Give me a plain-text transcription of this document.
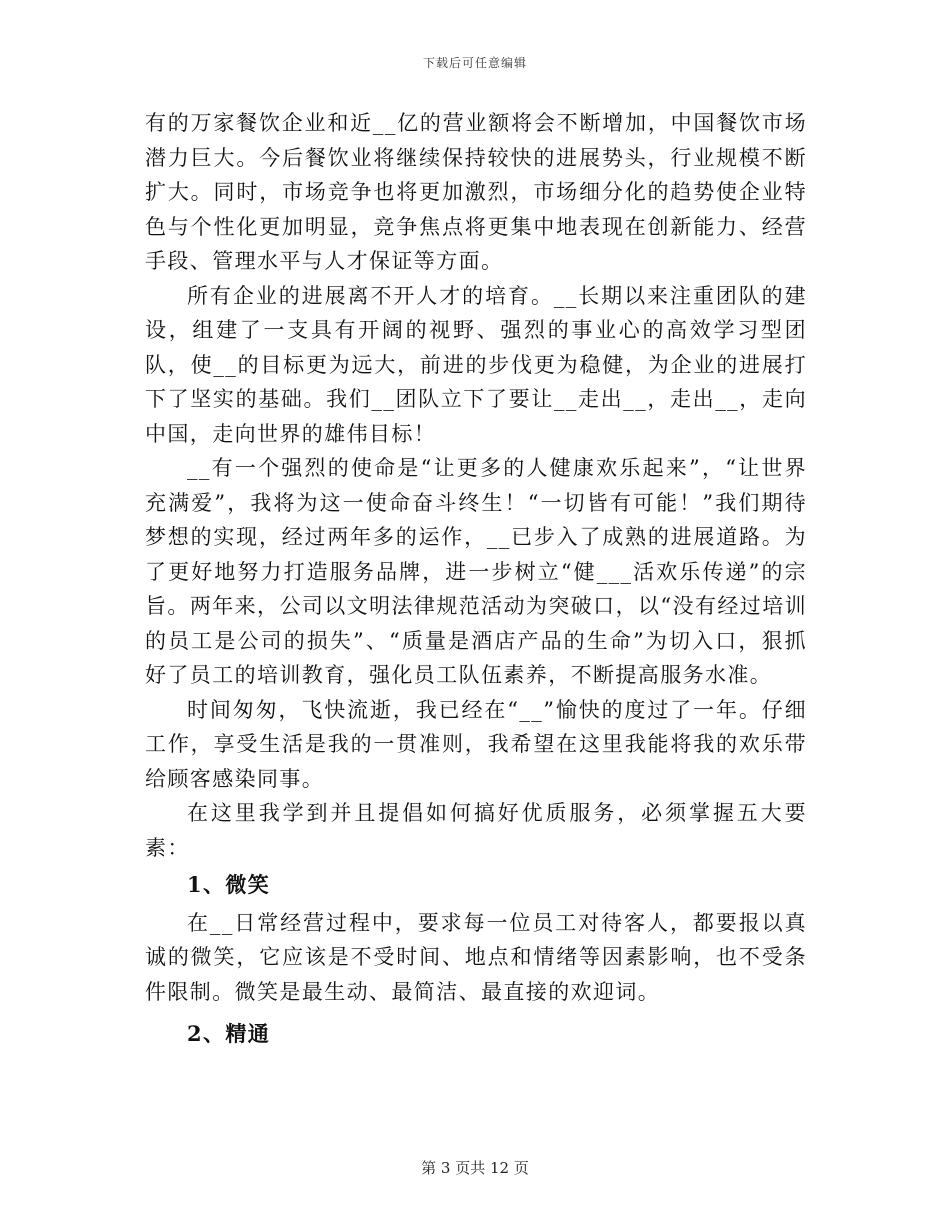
下载后可任意编辑

有的万家餐饮企业和近__亿的营业额将会不断增加，中国餐饮市场潜力巨大。今后餐饮业将继续保持较快的进展势头，行业规模不断扩大。同时，市场竞争也将更加激烈，市场细分化的趋势使企业特色与个性化更加明显，竞争焦点将更集中地表现在创新能力、经营手段、管理水平与人才保证等方面。

所有企业的进展离不开人才的培育。__长期以来注重团队的建设，组建了一支具有开阔的视野、强烈的事业心的高效学习型团队，使__的目标更为远大，前进的步伐更为稳健，为企业的进展打下了坚实的基础。我们__团队立下了要让__走出__，走出__，走向中国，走向世界的雄伟目标！

__有一个强烈的使命是“让更多的人健康欢乐起来”，“让世界充满爱”，我将为这一使命奋斗终生！“一切皆有可能！”我们期待梦想的实现，经过两年多的运作，__已步入了成熟的进展道路。为了更好地努力打造服务品牌，进一步树立“健___活欢乐传递”的宗旨。两年来，公司以文明法律规范活动为突破口，以“没有经过培训的员工是公司的损失”、“质量是酒店产品的生命”为切入口，狠抓好了员工的培训教育，强化员工队伍素养，不断提高服务水准。

时间匆匆，飞快流逝，我已经在“__”愉快的度过了一年。仔细工作，享受生活是我的一贯准则，我希望在这里我能将我的欢乐带给顾客感染同事。

在这里我学到并且提倡如何搞好优质服务，必须掌握五大要素：

1、微笑

在__日常经营过程中，要求每一位员工对待客人，都要报以真诚的微笑，它应该是不受时间、地点和情绪等因素影响，也不受条件限制。微笑是最生动、最简洁、最直接的欢迎词。

2、精通

第 3 页共 12 页
